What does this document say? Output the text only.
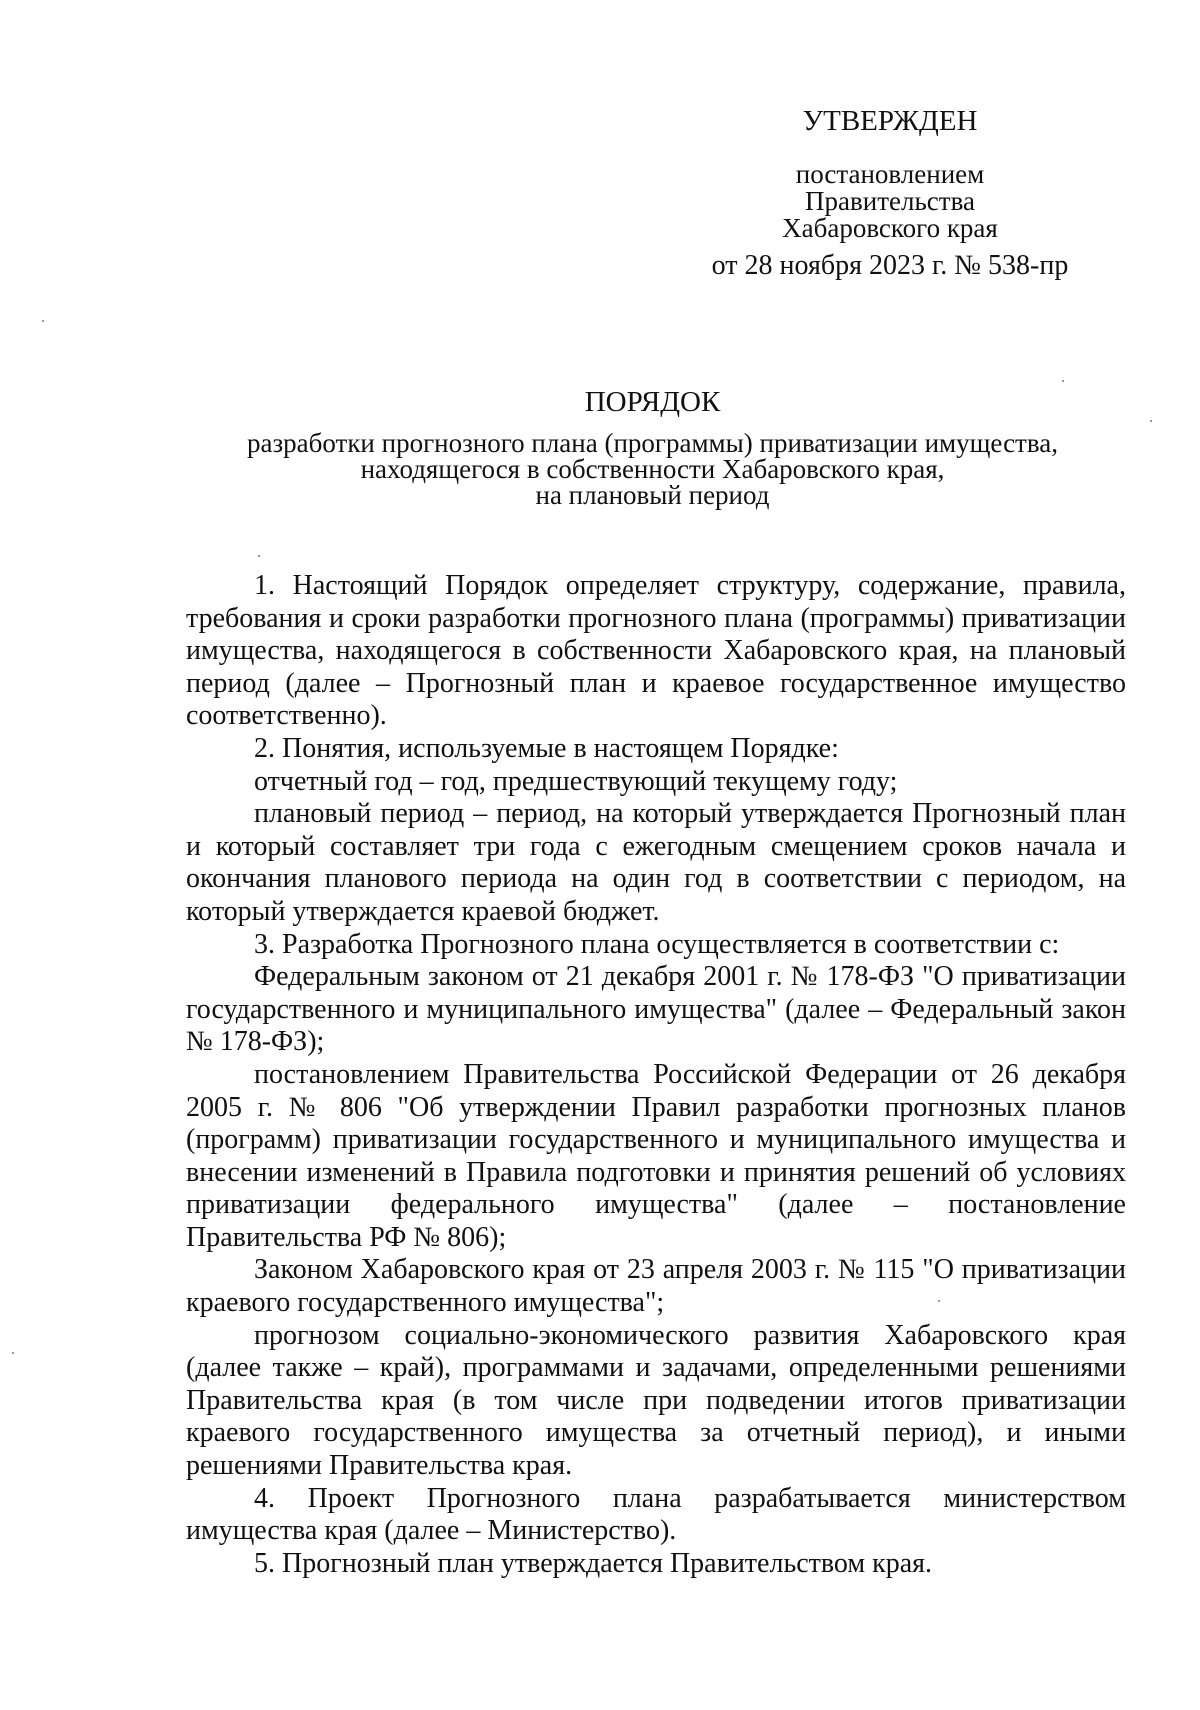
УТВЕРЖДЕН
постановлением
Правительства
Хабаровского края
от 28 ноября 2023 г. № 538-пр
ПОРЯДОК
разработки прогнозного плана (программы) приватизации имущества,
находящегося в собственности Хабаровского края,
на плановый период

1. Настоящий Порядок определяет структуру, содержание, правила, требования и сроки разработки прогнозного плана (программы) приватизации имущества, находящегося в собственности Хабаровского края, на плановый период (далее – Прогнозный план и краевое государственное имущество соответственно).

2. Понятия, используемые в настоящем Порядке:

отчетный год – год, предшествующий текущему году;

плановый период – период, на который утверждается Прогнозный план и который составляет три года с ежегодным смещением сроков начала и окончания планового периода на один год в соответствии с периодом, на который утверждается краевой бюджет.

3. Разработка Прогнозного плана осуществляется в соответствии с:

Федеральным законом от 21 декабря 2001 г. № 178-ФЗ "О приватизации государственного и муниципального имущества" (далее – Федеральный закон № 178-ФЗ);

постановлением Правительства Российской Федерации от 26 декабря 2005 г. № 806 "Об утверждении Правил разработки прогнозных планов (программ) приватизации государственного и муниципального имущества и внесении изменений в Правила подготовки и принятия решений об условиях приватизации федерального имущества" (далее – постановление Правительства РФ № 806);

Законом Хабаровского края от 23 апреля 2003 г. № 115 "О приватизации краевого государственного имущества";

прогнозом социально-экономического развития Хабаровского края (далее также – край), программами и задачами, определенными решениями Правительства края (в том числе при подведении итогов приватизации краевого государственного имущества за отчетный период), и иными решениями Правительства края.

4. Проект Прогнозного плана разрабатывается министерством имущества края (далее – Министерство).

5. Прогнозный план утверждается Правительством края.
